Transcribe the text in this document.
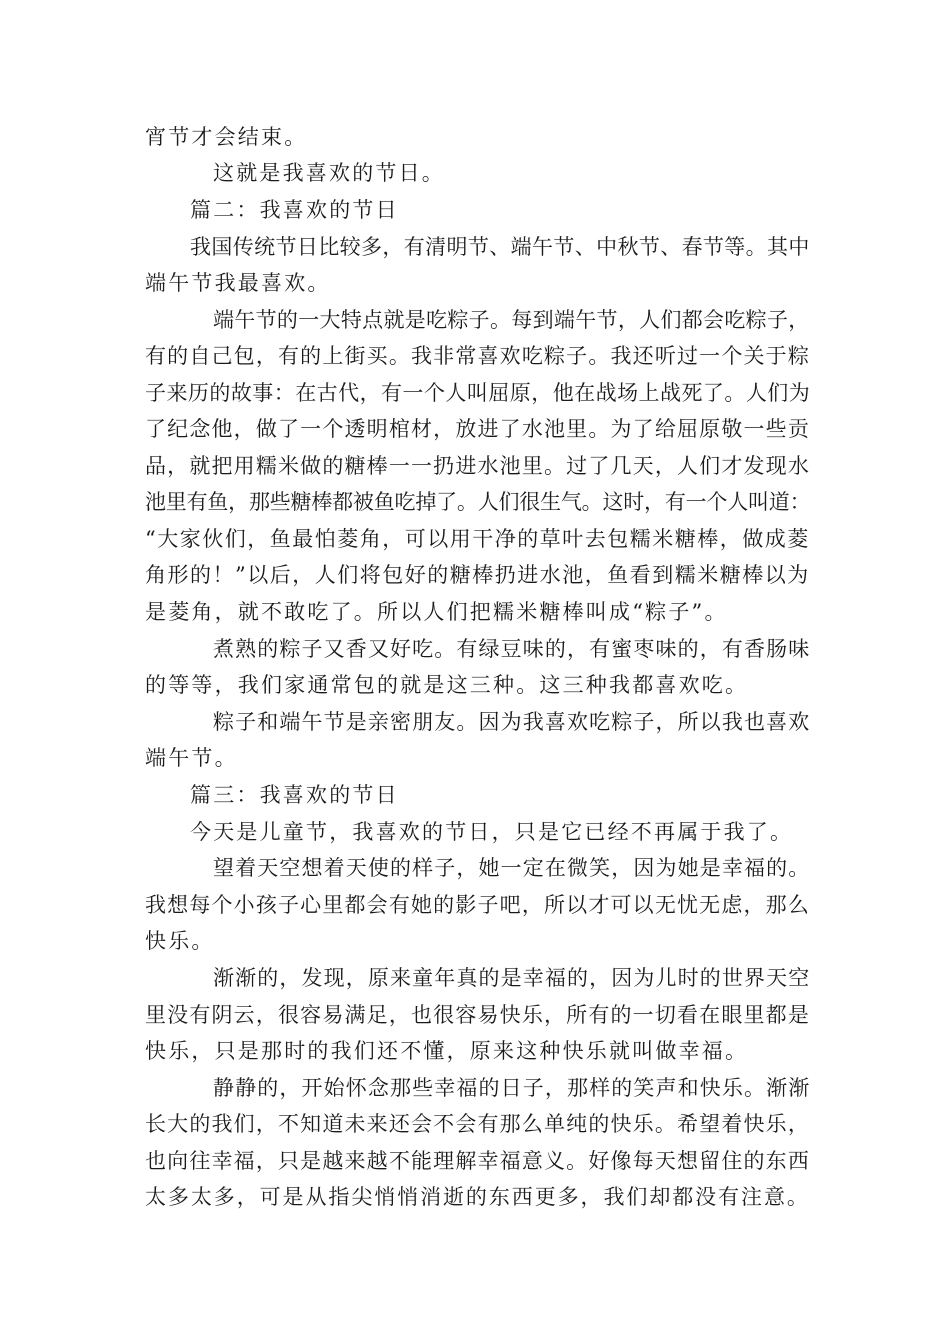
宵节才会结束。
这就是我喜欢的节日。
篇二：我喜欢的节日
我国传统节日比较多，有清明节、端午节、中秋节、春节等。其中
端午节我最喜欢。
端午节的一大特点就是吃粽子。每到端午节，人们都会吃粽子，
有的自己包，有的上街买。我非常喜欢吃粽子。我还听过一个关于粽
子来历的故事：在古代，有一个人叫屈原，他在战场上战死了。人们为
了纪念他，做了一个透明棺材，放进了水池里。为了给屈原敬一些贡
品，就把用糯米做的糖棒一一扔进水池里。过了几天，人们才发现水
池里有鱼，那些糖棒都被鱼吃掉了。人们很生气。这时，有一个人叫道：
“大家伙们，鱼最怕菱角，可以用干净的草叶去包糯米糖棒，做成菱
角形的！”以后，人们将包好的糖棒扔进水池，鱼看到糯米糖棒以为
是菱角，就不敢吃了。所以人们把糯米糖棒叫成“粽子”。
煮熟的粽子又香又好吃。有绿豆味的，有蜜枣味的，有香肠味
的等等，我们家通常包的就是这三种。这三种我都喜欢吃。
粽子和端午节是亲密朋友。因为我喜欢吃粽子，所以我也喜欢
端午节。
篇三：我喜欢的节日
今天是儿童节，我喜欢的节日，只是它已经不再属于我了。
望着天空想着天使的样子，她一定在微笑，因为她是幸福的。
我想每个小孩子心里都会有她的影子吧，所以才可以无忧无虑，那么
快乐。
渐渐的，发现，原来童年真的是幸福的，因为儿时的世界天空
里没有阴云，很容易满足，也很容易快乐，所有的一切看在眼里都是
快乐，只是那时的我们还不懂，原来这种快乐就叫做幸福。
静静的，开始怀念那些幸福的日子，那样的笑声和快乐。渐渐
长大的我们，不知道未来还会不会有那么单纯的快乐。希望着快乐，
也向往幸福，只是越来越不能理解幸福意义。好像每天想留住的东西
太多太多，可是从指尖悄悄消逝的东西更多，我们却都没有注意。
